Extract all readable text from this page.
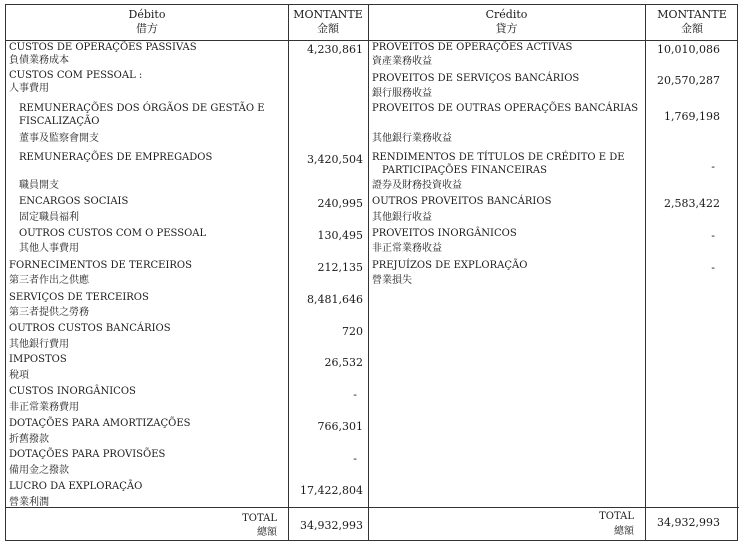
Débito
借方
MONTANTE
金額
Crédito
貸方
MONTANTE
金額
CUSTOS DE OPERAÇÕES PASSIVAS
負債業務成本
CUSTOS COM PESSOAL :
人事費用
REMUNERAÇÕES DOS ÓRGÃOS DE GESTÃO E
FISCALIZAÇÃO
董事及監察會開支
REMUNERAÇÕES DE EMPREGADOS
職員開支
ENCARGOS SOCIAIS
固定職員福利
OUTROS CUSTOS COM O PESSOAL
其他人事費用
FORNECIMENTOS DE TERCEIROS
第三者作出之供應
SERVIÇOS DE TERCEIROS
第三者提供之勞務
OUTROS CUSTOS BANCÁRIOS
其他銀行費用
IMPOSTOS
稅項
CUSTOS INORGÂNICOS
非正常業務費用
DOTAÇÕES PARA AMORTIZAÇÕES
折舊撥款
DOTAÇÕES PARA PROVISÕES
備用金之撥款
LUCRO DA EXPLORAÇÃO
營業利潤
TOTAL
總額
4,230,861
3,420,504
240,995
130,495
212,135
8,481,646
720
26,532
-
766,301
-
17,422,804
34,932,993
PROVEITOS DE OPERAÇÕES ACTIVAS
資產業務收益
PROVEITOS DE SERVIÇOS BANCÁRIOS
銀行服務收益
PROVEITOS DE OUTRAS OPERAÇÕES BANCÁRIAS
其他銀行業務收益
RENDIMENTOS DE TÍTULOS DE CRÉDITO E DE
PARTICIPAÇÕES FINANCEIRAS
證券及財務投資收益
OUTROS PROVEITOS BANCÁRIOS
其他銀行收益
PROVEITOS INORGÂNICOS
非正常業務收益
PREJUÍZOS DE EXPLORAÇÃO
營業損失
TOTAL
總額
10,010,086
20,570,287
1,769,198
-
2,583,422
-
-
34,932,993
